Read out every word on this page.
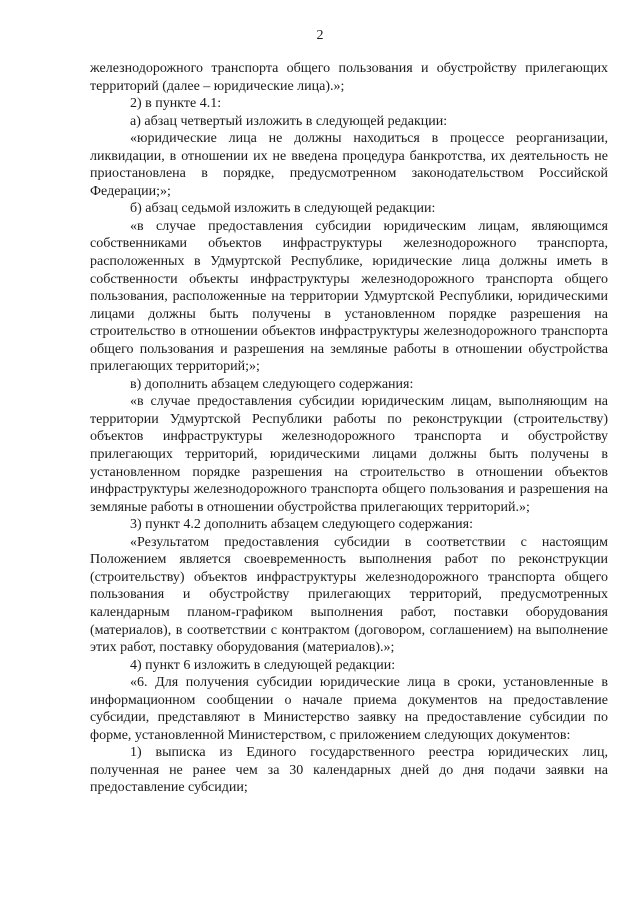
2

железнодорожного транспорта общего пользования и обустройству прилегающих территорий (далее – юридические лица).»;

2) в пункте 4.1:

а) абзац четвертый изложить в следующей редакции:

«юридические лица не должны находиться в процессе реорганизации, ликвидации, в отношении их не введена процедура банкротства, их деятельность не приостановлена в порядке, предусмотренном законодательством Российской Федерации;»;

б) абзац седьмой изложить в следующей редакции:

«в случае предоставления субсидии юридическим лицам, являющимся собственниками объектов инфраструктуры железнодорожного транспорта, расположенных в Удмуртской Республике, юридические лица должны иметь в собственности объекты инфраструктуры железнодорожного транспорта общего пользования, расположенные на территории Удмуртской Республики, юридическими лицами должны быть получены в установленном порядке разрешения на строительство в отношении объектов инфраструктуры железнодорожного транспорта общего пользования и разрешения на земляные работы в отношении обустройства прилегающих территорий;»;

в) дополнить абзацем следующего содержания:

«в случае предоставления субсидии юридическим лицам, выполняющим на территории Удмуртской Республики работы по реконструкции (строительству) объектов инфраструктуры железнодорожного транспорта и обустройству прилегающих территорий, юридическими лицами должны быть получены в установленном порядке разрешения на строительство в отношении объектов инфраструктуры железнодорожного транспорта общего пользования и разрешения на земляные работы в отношении обустройства прилегающих территорий.»;

3) пункт 4.2 дополнить абзацем следующего содержания:

«Результатом предоставления субсидии в соответствии с настоящим Положением является своевременность выполнения работ по реконструкции (строительству) объектов инфраструктуры железнодорожного транспорта общего пользования и обустройству прилегающих территорий, предусмотренных календарным планом-графиком выполнения работ, поставки оборудования (материалов), в соответствии с контрактом (договором, соглашением) на выполнение этих работ, поставку оборудования (материалов).»;

4) пункт 6 изложить в следующей редакции:

«6. Для получения субсидии юридические лица в сроки, установленные в информационном сообщении о начале приема документов на предоставление субсидии, представляют в Министерство заявку на предоставление субсидии по форме, установленной Министерством, с приложением следующих документов:

1) выписка из Единого государственного реестра юридических лиц, полученная не ранее чем за 30 календарных дней до дня подачи заявки на предоставление субсидии;
